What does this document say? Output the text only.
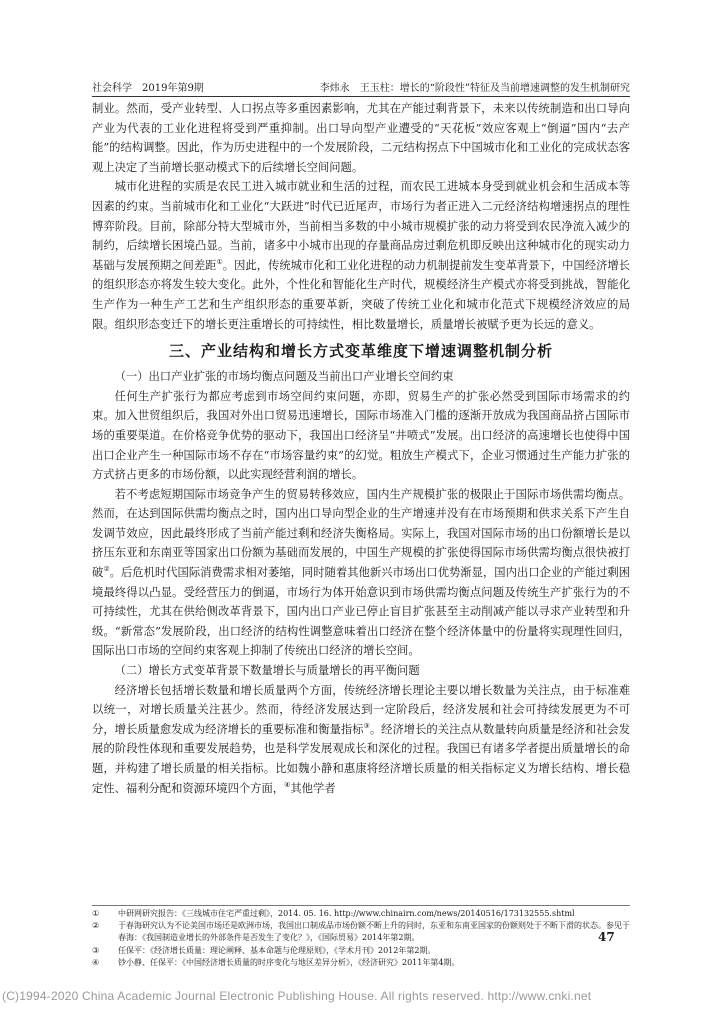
社会科学　2019年第9期	李炜永　王玉柱：增长的“阶段性”特征及当前增速调整的发生机制研究

制业。然而，受产业转型、人口拐点等多重因素影响，尤其在产能过剩背景下，未来以传统制造和出口导向产业为代表的工业化进程将受到严重抑制。出口导向型产业遭受的“天花板”效应客观上“倒逼”国内“去产能”的结构调整。因此，作为历史进程中的一个发展阶段，二元结构拐点下中国城市化和工业化的完成状态客观上决定了当前增长驱动模式下的后续增长空间问题。

城市化进程的实质是农民工进入城市就业和生活的过程，而农民工进城本身受到就业机会和生活成本等因素的约束。当前城市化和工业化“大跃进”时代已近尾声，市场行为者正进入二元经济结构增速拐点的理性博弈阶段。目前，除部分特大型城市外，当前相当多数的中小城市规模扩张的动力将受到农民净流入减少的制约，后续增长困境凸显。当前，诸多中小城市出现的存量商品房过剩危机即反映出这种城市化的现实动力基础与发展预期之间差距①。因此，传统城市化和工业化进程的动力机制提前发生变革背景下，中国经济增长的组织形态亦将发生较大变化。此外，个性化和智能化生产时代，规模经济生产模式亦将受到挑战，智能化生产作为一种生产工艺和生产组织形态的重要革新，突破了传统工业化和城市化范式下规模经济效应的局限。组织形态变迁下的增长更注重增长的可持续性，相比数量增长，质量增长被赋予更为长远的意义。

三、产业结构和增长方式变革维度下增速调整机制分析
（一）出口产业扩张的市场均衡点问题及当前出口产业增长空间约束

任何生产扩张行为都应考虑到市场空间约束问题，亦即，贸易生产的扩张必然受到国际市场需求的约束。加入世贸组织后，我国对外出口贸易迅速增长，国际市场准入门槛的逐渐开放成为我国商品挤占国际市场的重要渠道。在价格竞争优势的驱动下，我国出口经济呈“井喷式”发展。出口经济的高速增长也使得中国出口企业产生一种国际市场不存在“市场容量约束”的幻觉。粗放生产模式下，企业习惯通过生产能力扩张的方式挤占更多的市场份额，以此实现经营利润的增长。

若不考虑短期国际市场竞争产生的贸易转移效应，国内生产规模扩张的极限止于国际市场供需均衡点。然而，在达到国际供需均衡点之时，国内出口导向型企业的生产增速并没有在市场预期和供求关系下产生自发调节效应，因此最终形成了当前产能过剩和经济失衡格局。实际上，我国对国际市场的出口份额增长是以挤压东亚和东南亚等国家出口份额为基础而发展的，中国生产规模的扩张使得国际市场供需均衡点很快被打破②。后危机时代国际消费需求相对萎缩，同时随着其他新兴市场出口优势渐显，国内出口企业的产能过剩困境最终得以凸显。受经营压力的倒逼，市场行为体开始意识到市场供需均衡点问题及传统生产扩张行为的不可持续性，尤其在供给侧改革背景下，国内出口产业已停止盲目扩张甚至主动削减产能以寻求产业转型和升级。“新常态”发展阶段，出口经济的结构性调整意味着出口经济在整个经济体量中的份量将实现理性回归，国际出口市场的空间约束客观上抑制了传统出口经济的增长空间。

（二）增长方式变革背景下数量增长与质量增长的再平衡问题

经济增长包括增长数量和增长质量两个方面，传统经济增长理论主要以增长数量为关注点，由于标准难以统一，对增长质量关注甚少。然而，待经济发展达到一定阶段后，经济发展和社会可持续发展更为不可分，增长质量愈发成为经济增长的重要标准和衡量指标③。经济增长的关注点从数量转向质量是经济和社会发展的阶段性体现和重要发展趋势，也是科学发展观成长和深化的过程。我国已有诸多学者提出质量增长的命题，并构建了增长质量的相关指标。比如魏小静和惠康将经济增长质量的相关指标定义为增长结构、增长稳定性、福利分配和资源环境四个方面，④其他学者

① 中研网研究报告：《三线城市住宅严重过剩》，2014. 05. 16. http://www.chinairn.com/news/20140516/173132555.shtml

② 于春海研究认为不论美国市场还是欧洲市场，我国出口制成品市场份额不断上升的同时，东亚和东南亚国家的份额则处于不断下滑的状态。参见于春海：《我国制造业增长的外部条件是否发生了变化？》，《国际贸易》2014年第2期。

③ 任保平：《经济增长质量：理论阐释、基本命题与伦理原则》，《学术月刊》2012年第2期。

④ 钞小静、任保平：《中国经济增长质量的时序变化与地区差异分析》，《经济研究》2011年第4期。

47
(C)1994-2020 China Academic Journal Electronic Publishing House. All rights reserved. http://www.cnki.net
